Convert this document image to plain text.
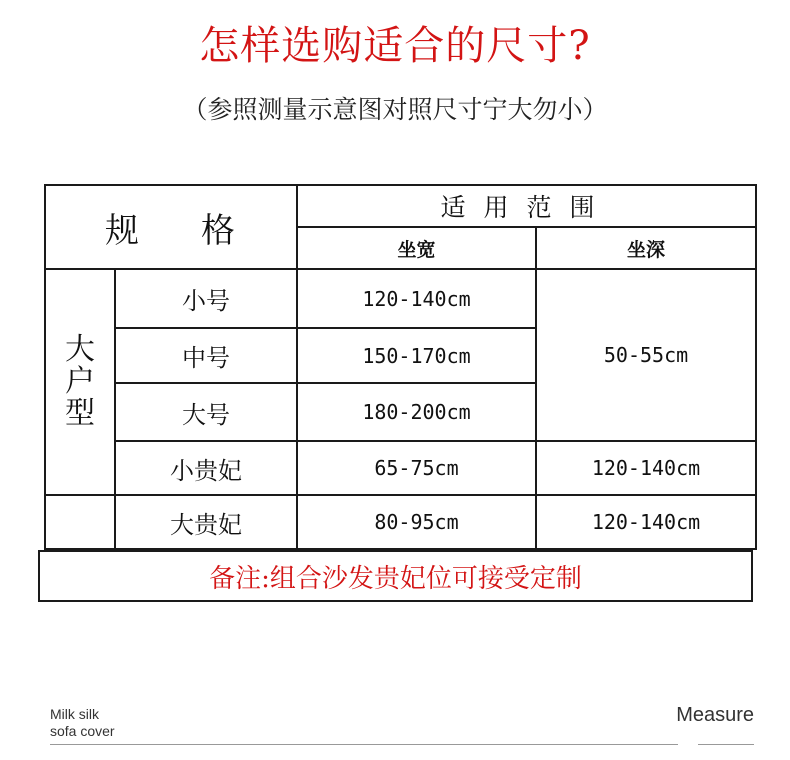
怎样选购适合的尺寸?
（参照测量示意图对照尺寸宁大勿小）
规 格		适用范围	
		坐宽	坐深

大户型	小号	120-140cm	50-55cm
	中号	150-170cm	
	大号	180-200cm	
	小贵妃	65-75cm	120-140cm
	大贵妃	80-95cm	120-140cm
备注:组合沙发贵妃位可接受定制
Milk silk
sofa cover
Measure
